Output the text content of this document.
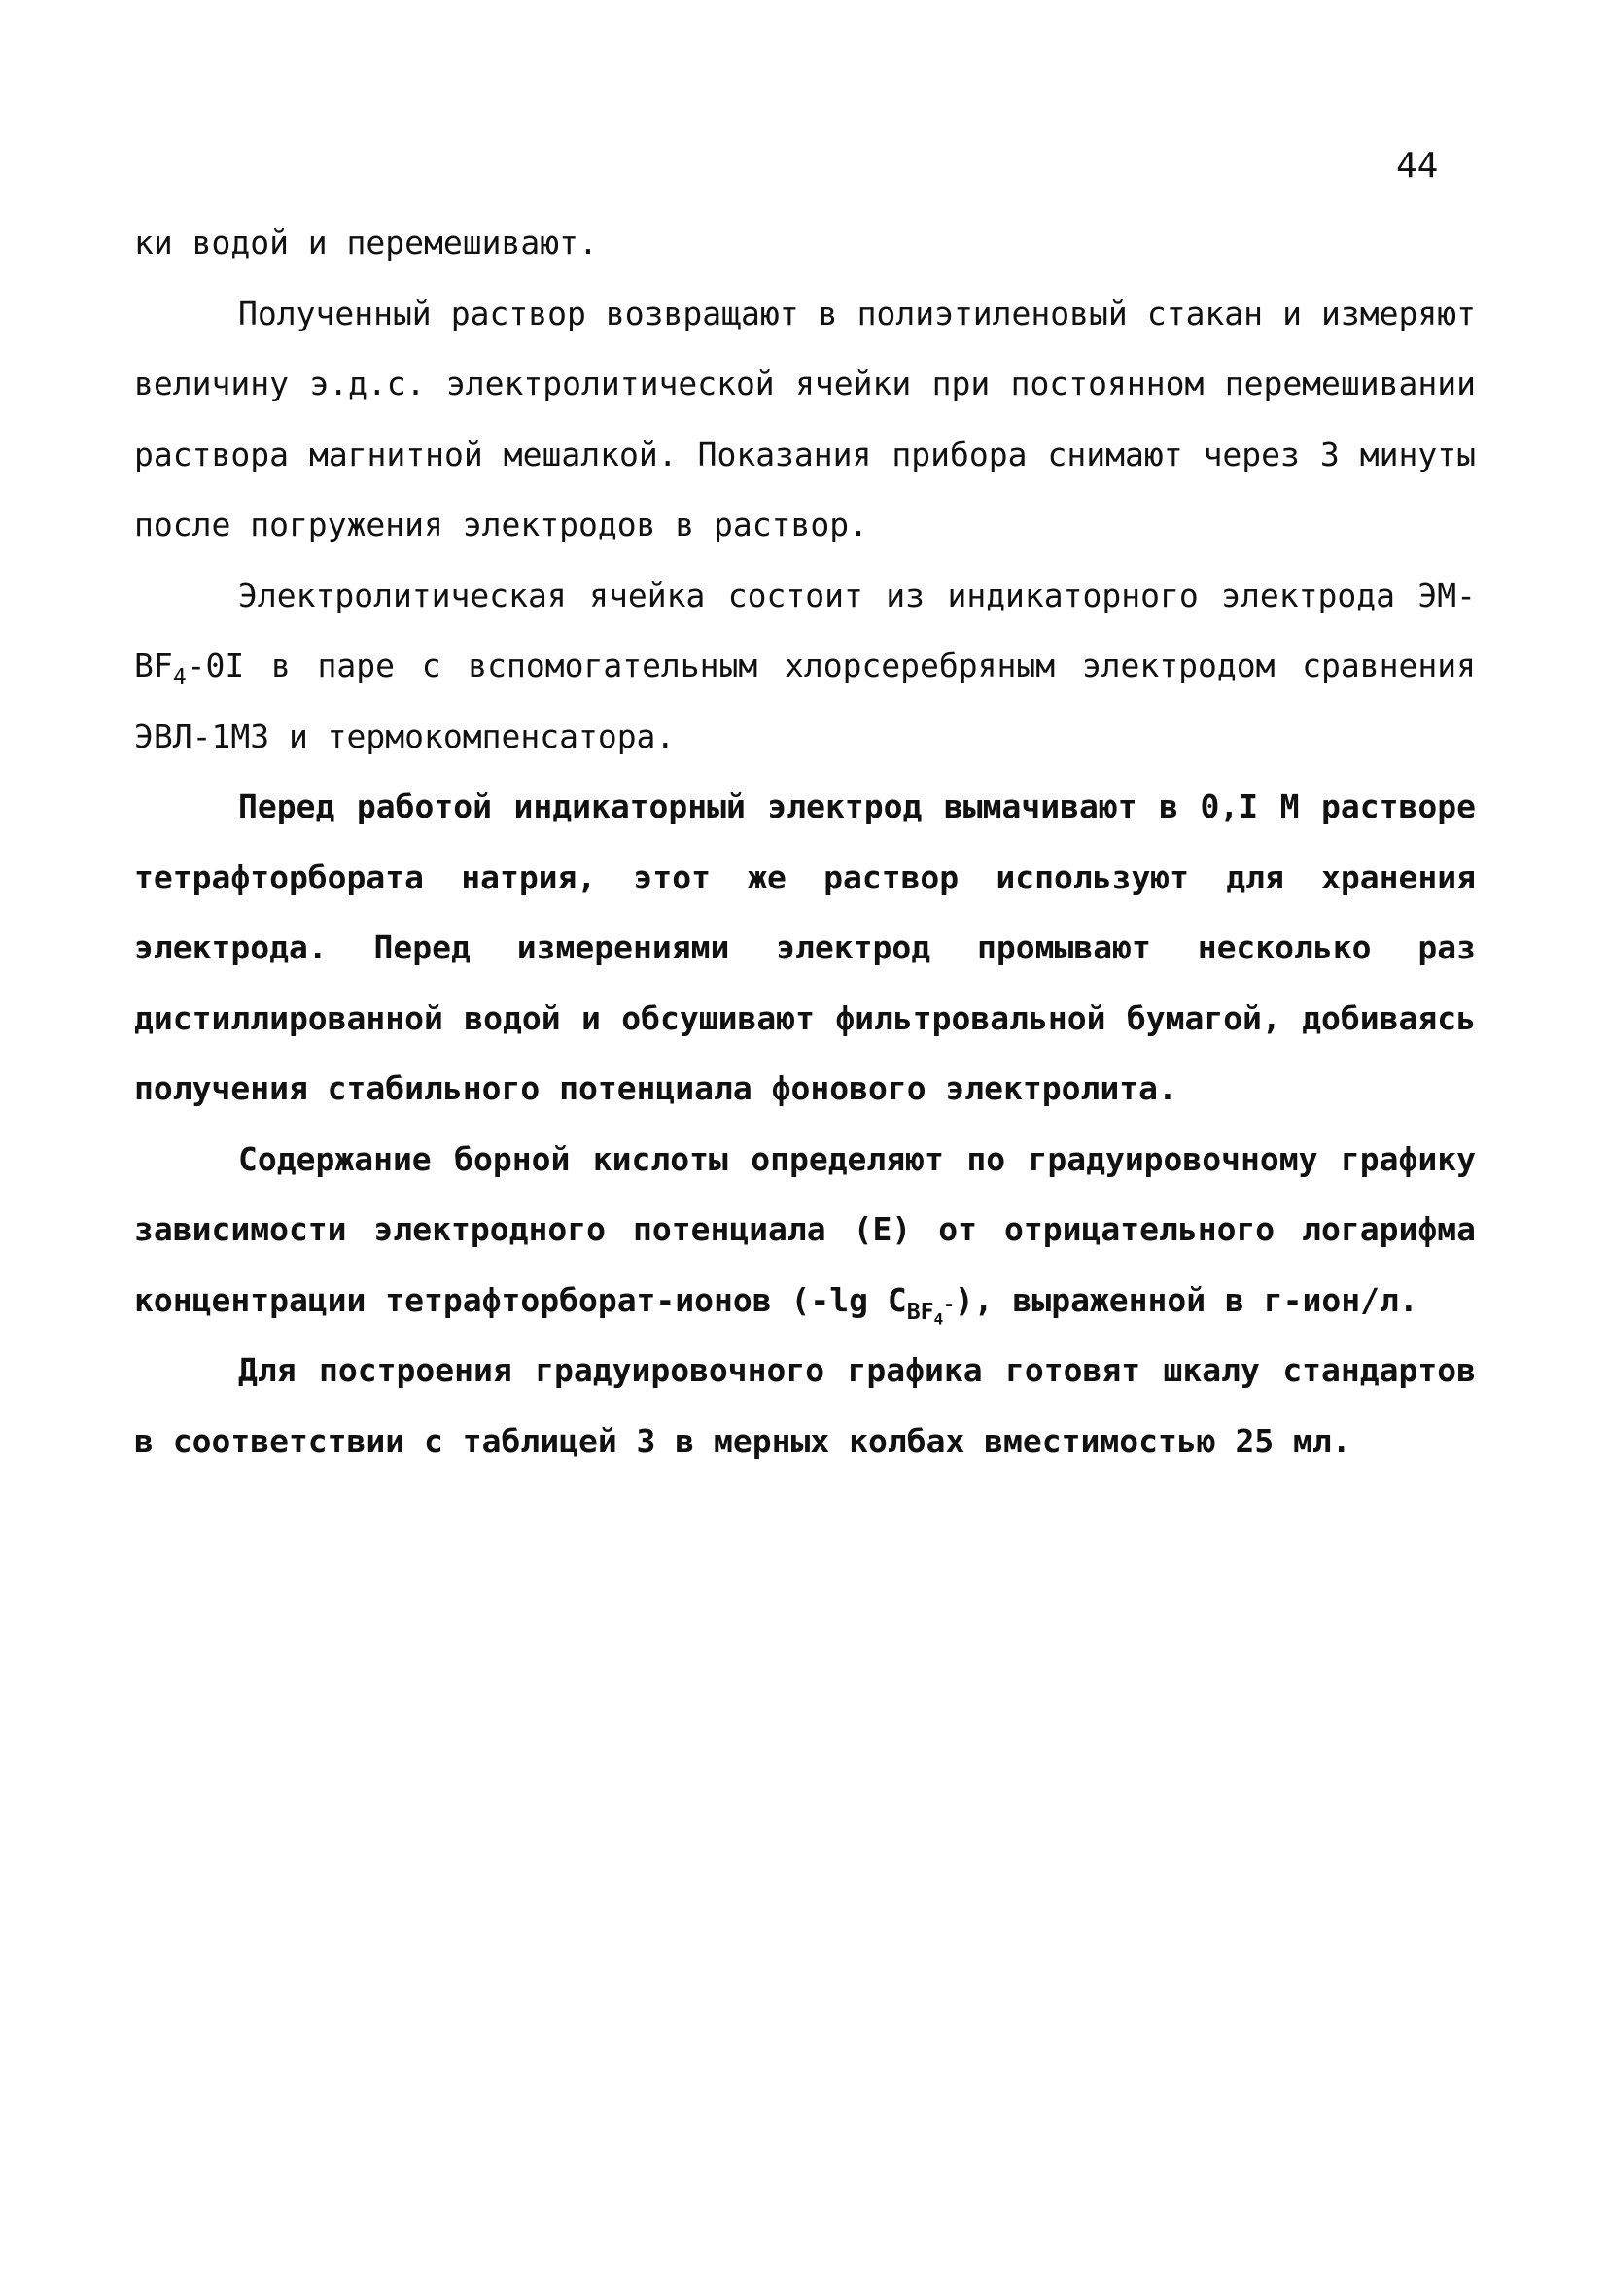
44

ки водой и перемешивают.

Полученный раствор возвращают в полиэтиленовый стакан и измеряют величину э.д.с. электролитической ячейки при постоянном перемешивании раствора магнитной мешалкой. Показания прибора снимают через 3 минуты после погружения электродов в раствор.

Электролитическая ячейка состоит из индикаторного электрода $ЭМ-BF_4-0I$ в паре с вспомогательным хлорсеребряным электродом сравнения ЭВЛ-1М3 и термокомпенсатора.

Перед работой индикаторный электрод вымачивают в 0,I М растворе тетрафторбората натрия, этот же раствор используют для хранения электрода. Перед измерениями электрод промывают несколько раз дистиллированной водой и обсушивают фильтровальной бумагой, добиваясь получения стабильного потенциала фонового электролита.

Содержание борной кислоты определяют по градуировочному графику зависимости электродного потенциала (E) от отрицательного логарифма концентрации тетрафторборат-ионов (-lg $C_{BF_4^-}$), выраженной в г-ион/л.

Для построения градуировочного графика готовят шкалу стандартов в соответствии с таблицей 3 в мерных колбах вместимостью 25 мл.
